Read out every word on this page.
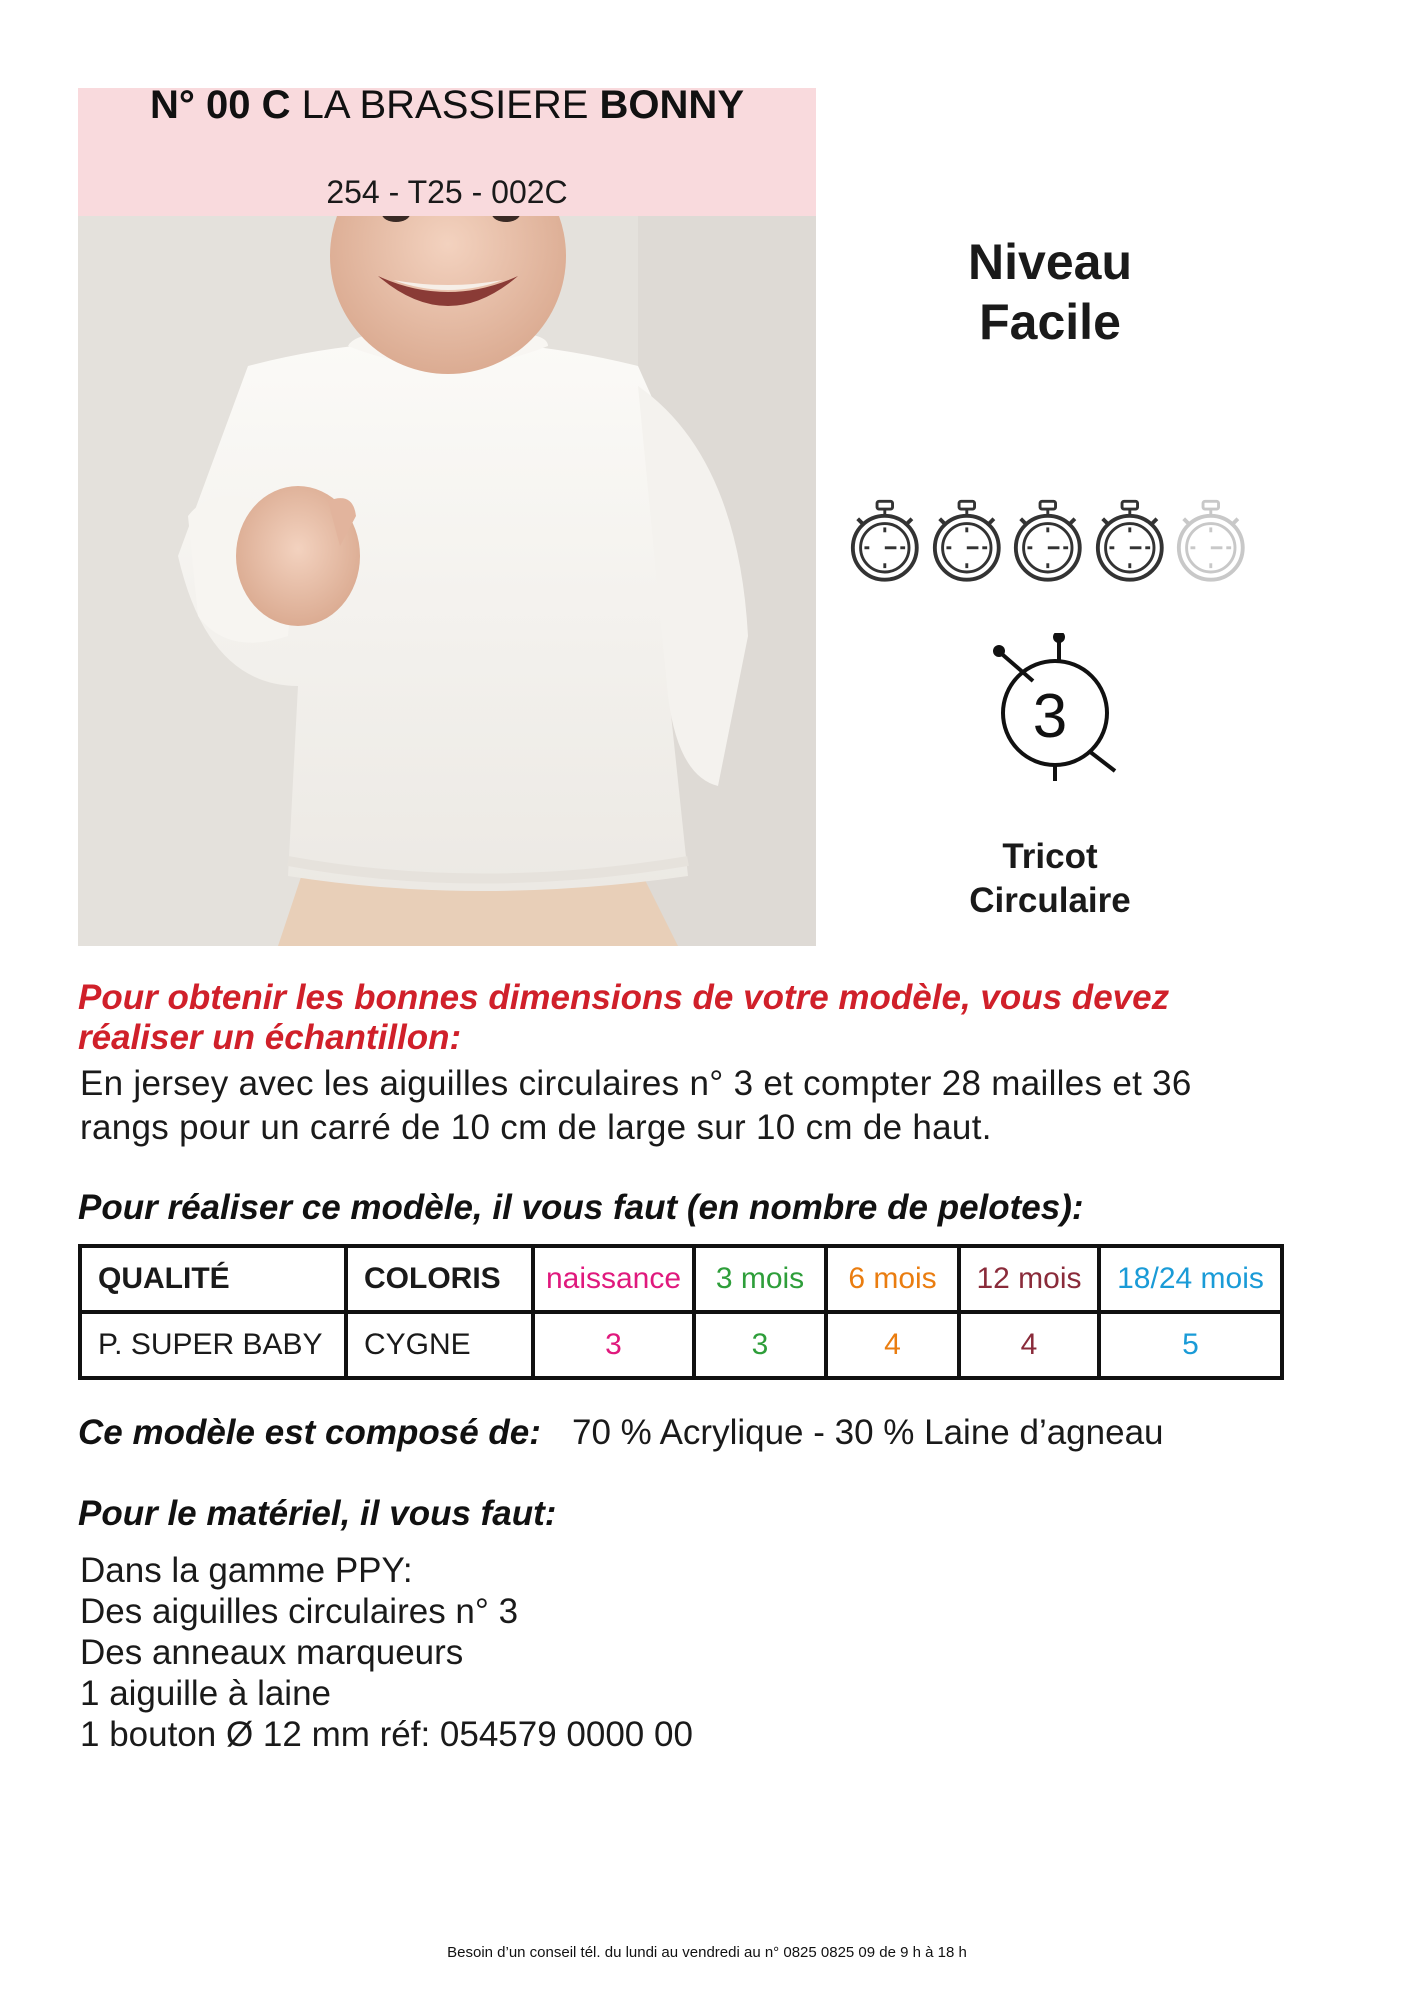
N° 00 C LA BRASSIERE BONNY
254 - T25 - 002C
Niveau
Facile
3
Tricot
Circulaire
Pour obtenir les bonnes dimensions de votre modèle, vous devez
réaliser un échantillon:
En jersey avec les aiguilles circulaires n° 3 et compter 28 mailles et 36
rangs pour un carré de 10 cm de large sur 10 cm de haut.
Pour réaliser ce modèle, il vous faut (en nombre de pelotes):
QUALITÉ	COLORIS	naissance	3 mois	6 mois	12 mois	18/24 mois
P. SUPER BABY	CYGNE	3	3	4	4	5
Ce modèle est composé de: 70 % Acrylique - 30 % Laine d’agneau
Pour le matériel, il vous faut:
Dans la gamme PPY:
Des aiguilles circulaires n° 3
Des anneaux marqueurs
1 aiguille à laine
1 bouton Ø 12 mm réf: 054579 0000 00
Besoin d’un conseil tél. du lundi au vendredi au n° 0825 0825 09 de 9 h à 18 h
